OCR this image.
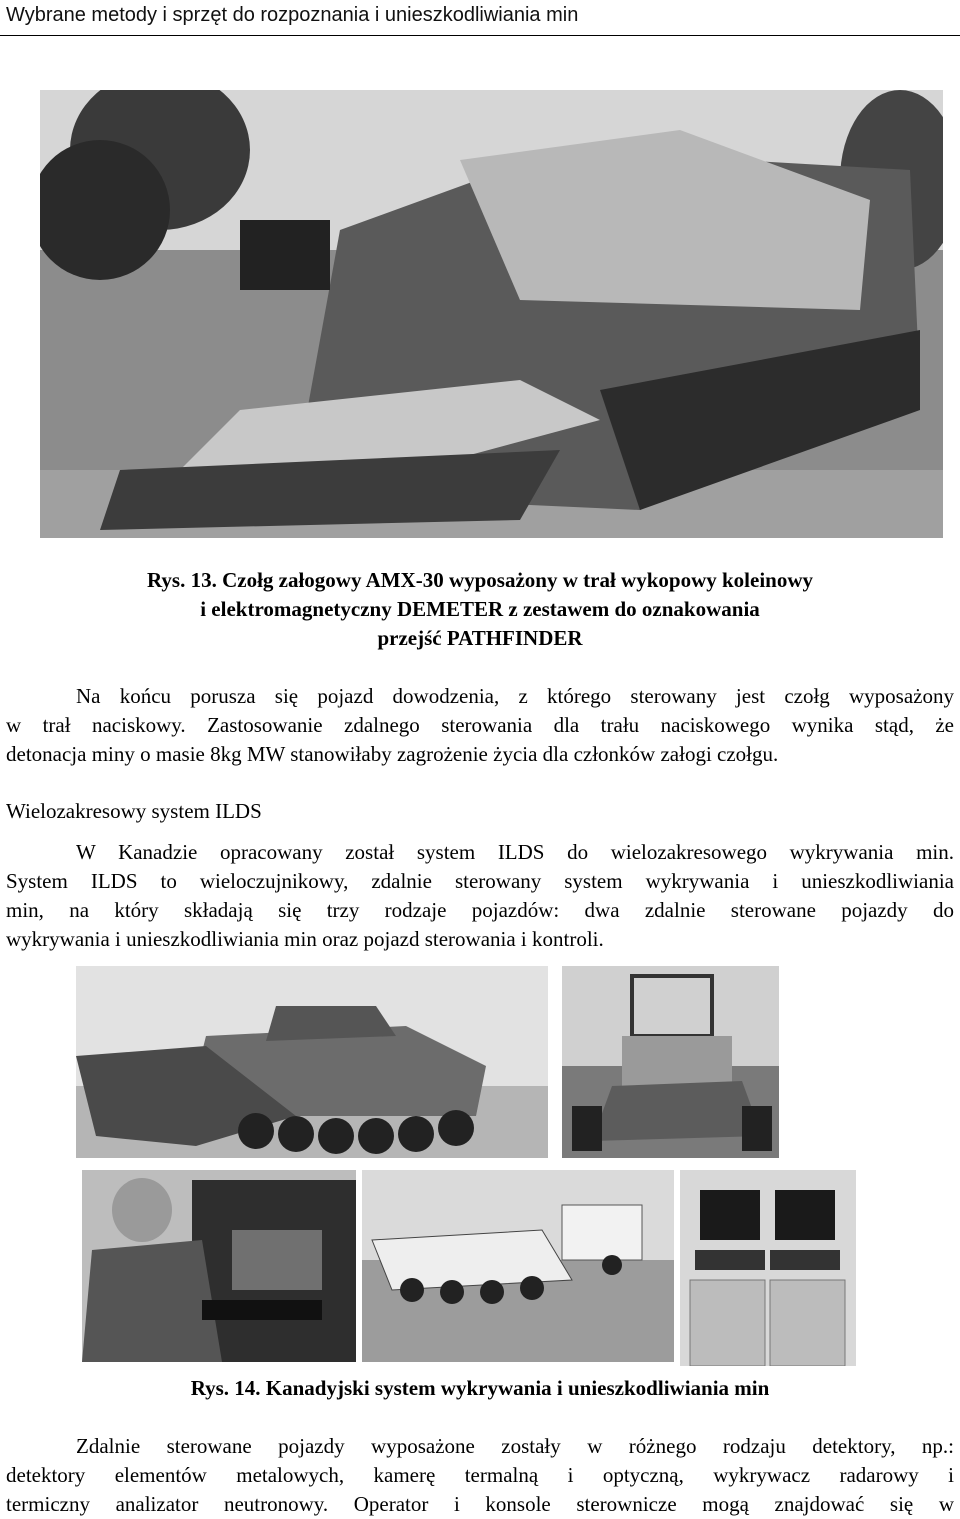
Wybrane metody i sprzęt do rozpoznania i unieszkodliwiania min
Rys. 13. Czołg załogowy AMX-30 wyposażony w trał wykopowy koleinowy
i elektromagnetyczny DEMETER z zestawem do oznakowania
przejść PATHFINDER
Na końcu porusza się pojazd dowodzenia, z którego sterowany jest czołg wyposażony
w trał naciskowy. Zastosowanie zdalnego sterowania dla trału naciskowego wynika stąd, że
detonacja miny o masie 8kg MW stanowiłaby zagrożenie życia dla członków załogi czołgu.
Wielozakresowy system ILDS
W Kanadzie opracowany został system ILDS do wielozakresowego wykrywania min.
System ILDS to wieloczujnikowy, zdalnie sterowany system wykrywania i unieszkodliwiania
min, na który składają się trzy rodzaje pojazdów: dwa zdalnie sterowane pojazdy do
wykrywania i unieszkodliwiania min oraz pojazd sterowania i kontroli.
Rys. 14. Kanadyjski system wykrywania i unieszkodliwiania min
Zdalnie sterowane pojazdy wyposażone zostały w różnego rodzaju detektory, np.:
detektory elementów metalowych, kamerę termalną i optyczną, wykrywacz radarowy i
termiczny analizator neutronowy. Operator i konsole sterownicze mogą znajdować się w
